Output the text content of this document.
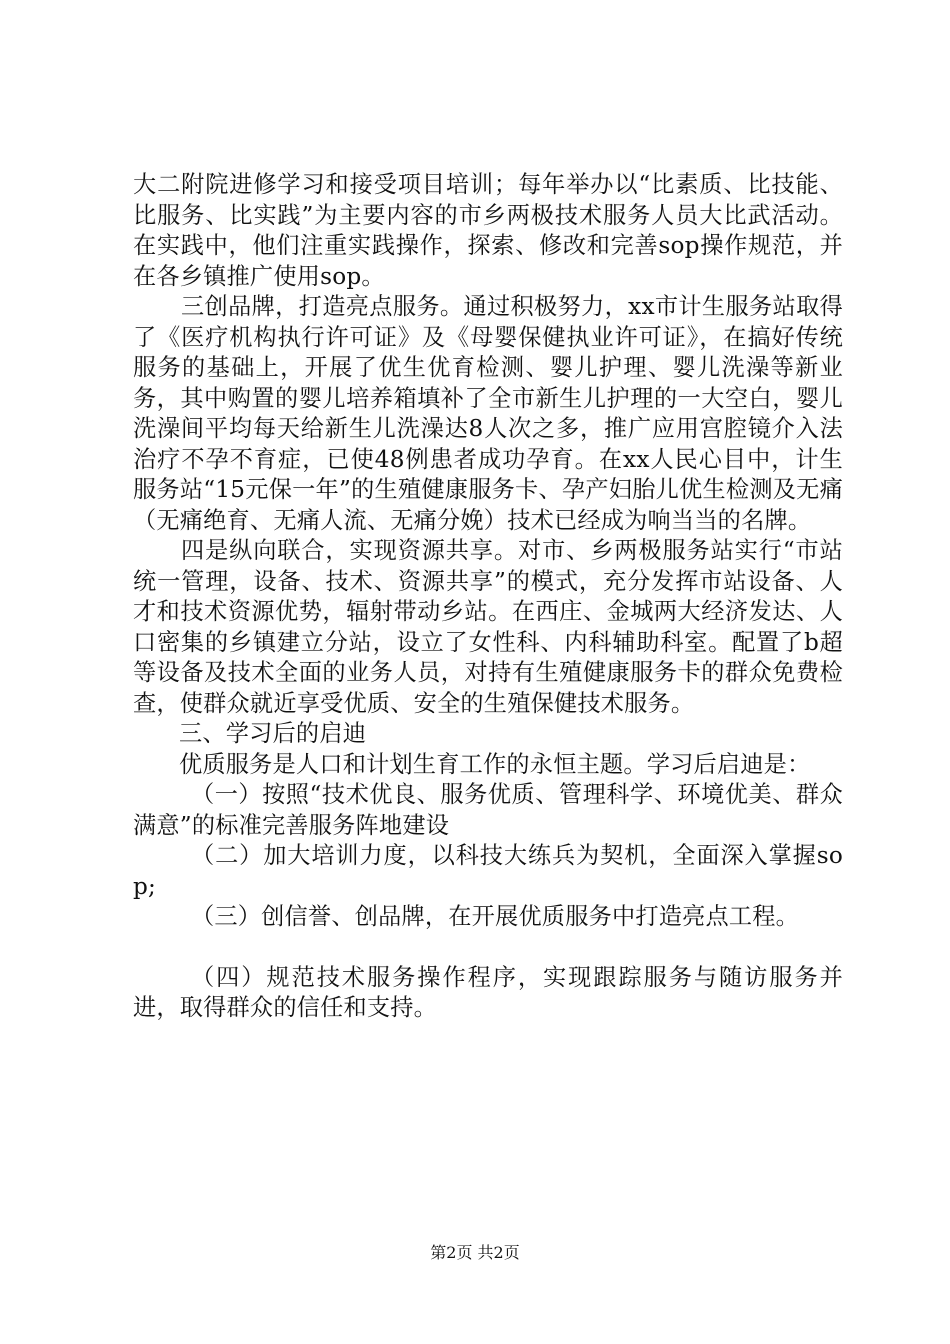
大二附院进修学习和接受项目培训；每年举办以“比素质、比技能、比服务、比实践”为主要内容的市乡两极技术服务人员大比武活动。在实践中，他们注重实践操作，探索、修改和完善sop操作规范，并在各乡镇推广使用sop。

三创品牌，打造亮点服务。通过积极努力，xx市计生服务站取得了《医疗机构执行许可证》及《母婴保健执业许可证》，在搞好传统服务的基础上，开展了优生优育检测、婴儿护理、婴儿洗澡等新业务，其中购置的婴儿培养箱填补了全市新生儿护理的一大空白，婴儿洗澡间平均每天给新生儿洗澡达8人次之多，推广应用宫腔镜介入法治疗不孕不育症，已使48例患者成功孕育。在xx人民心目中，计生服务站“15元保一年”的生殖健康服务卡、孕产妇胎儿优生检测及无痛（无痛绝育、无痛人流、无痛分娩）技术已经成为响当当的名牌。

四是纵向联合，实现资源共享。对市、乡两极服务站实行“市站统一管理，设备、技术、资源共享”的模式，充分发挥市站设备、人才和技术资源优势，辐射带动乡站。在西庄、金城两大经济发达、人口密集的乡镇建立分站，设立了女性科、内科辅助科室。配置了b超等设备及技术全面的业务人员，对持有生殖健康服务卡的群众免费检查，使群众就近享受优质、安全的生殖保健技术服务。

三、学习后的启迪

优质服务是人口和计划生育工作的永恒主题。学习后启迪是：

（一）按照“技术优良、服务优质、管理科学、环境优美、群众满意”的标准完善服务阵地建设

（二）加大培训力度，以科技大练兵为契机，全面深入掌握sop;

（三）创信誉、创品牌，在开展优质服务中打造亮点工程。

（四）规范技术服务操作程序，实现跟踪服务与随访服务并进，取得群众的信任和支持。

第2页 共2页
